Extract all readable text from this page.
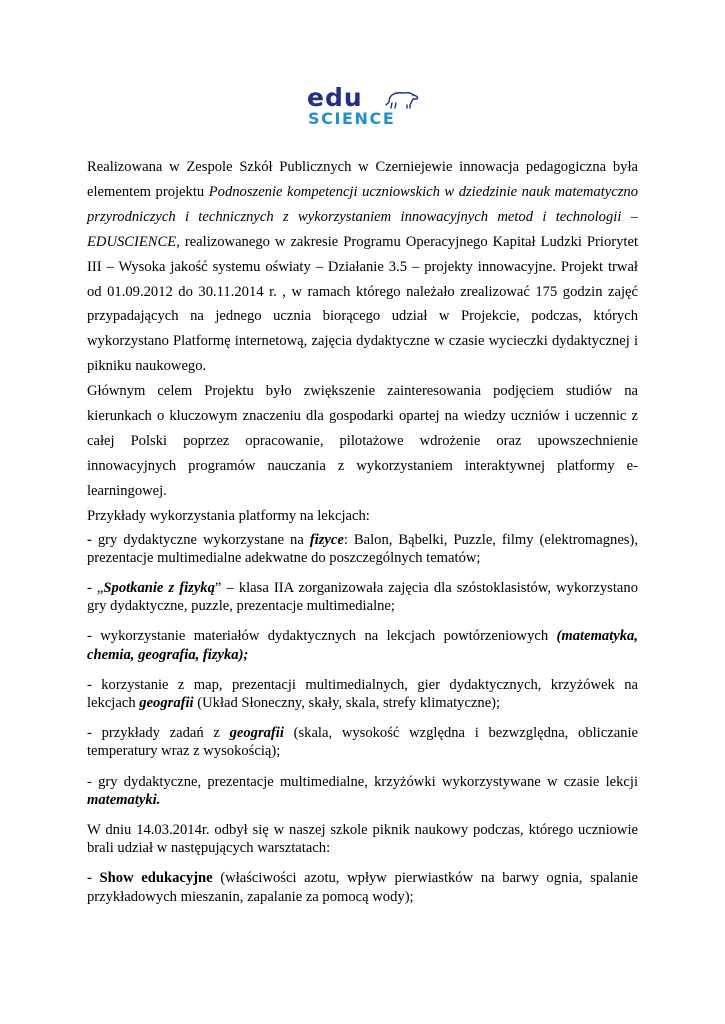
edu
SCIENCE

Realizowana w Zespole Szkół Publicznych w Czerniejewie innowacja pedagogiczna była elementem projektu Podnoszenie kompetencji uczniowskich w dziedzinie nauk matematyczno przyrodniczych i technicznych z wykorzystaniem innowacyjnych metod i technologii – EDUSCIENCE, realizowanego w zakresie Programu Operacyjnego Kapitał Ludzki Priorytet III – Wysoka jakość systemu oświaty – Działanie 3.5 – projekty innowacyjne. Projekt trwał od 01.09.2012 do 30.11.2014 r. , w ramach którego należało zrealizować 175 godzin zajęć przypadających na jednego ucznia biorącego udział w Projekcie, podczas, których wykorzystano Platformę internetową, zajęcia dydaktyczne w czasie wycieczki dydaktycznej i pikniku naukowego.

Głównym celem Projektu było zwiększenie zainteresowania podjęciem studiów na kierunkach o kluczowym znaczeniu dla gospodarki opartej na wiedzy uczniów i uczennic z całej Polski poprzez opracowanie, pilotażowe wdrożenie oraz upowszechnienie innowacyjnych programów nauczania z wykorzystaniem interaktywnej platformy e-learningowej.

Przykłady wykorzystania platformy na lekcjach:

- gry dydaktyczne wykorzystane na fizyce: Balon, Bąbelki, Puzzle, filmy (elektromagnes), prezentacje multimedialne adekwatne do poszczególnych tematów;

- „Spotkanie z fizyką” – klasa IIA zorganizowała zajęcia dla szóstoklasistów, wykorzystano gry dydaktyczne, puzzle, prezentacje multimedialne;

- wykorzystanie materiałów dydaktycznych na lekcjach powtórzeniowych (matematyka, chemia, geografia, fizyka);

- korzystanie z map, prezentacji multimedialnych, gier dydaktycznych, krzyżówek na lekcjach geografii (Układ Słoneczny, skały, skala, strefy klimatyczne);

- przykłady zadań z geografii (skala, wysokość względna i bezwzględna, obliczanie temperatury wraz z wysokością);

- gry dydaktyczne, prezentacje multimedialne, krzyżówki wykorzystywane w czasie lekcji matematyki.

W dniu 14.03.2014r. odbył się w naszej szkole piknik naukowy podczas, którego uczniowie brali udział w następujących warsztatach:

- Show edukacyjne (właściwości azotu, wpływ pierwiastków na barwy ognia, spalanie przykładowych mieszanin, zapalanie za pomocą wody);
